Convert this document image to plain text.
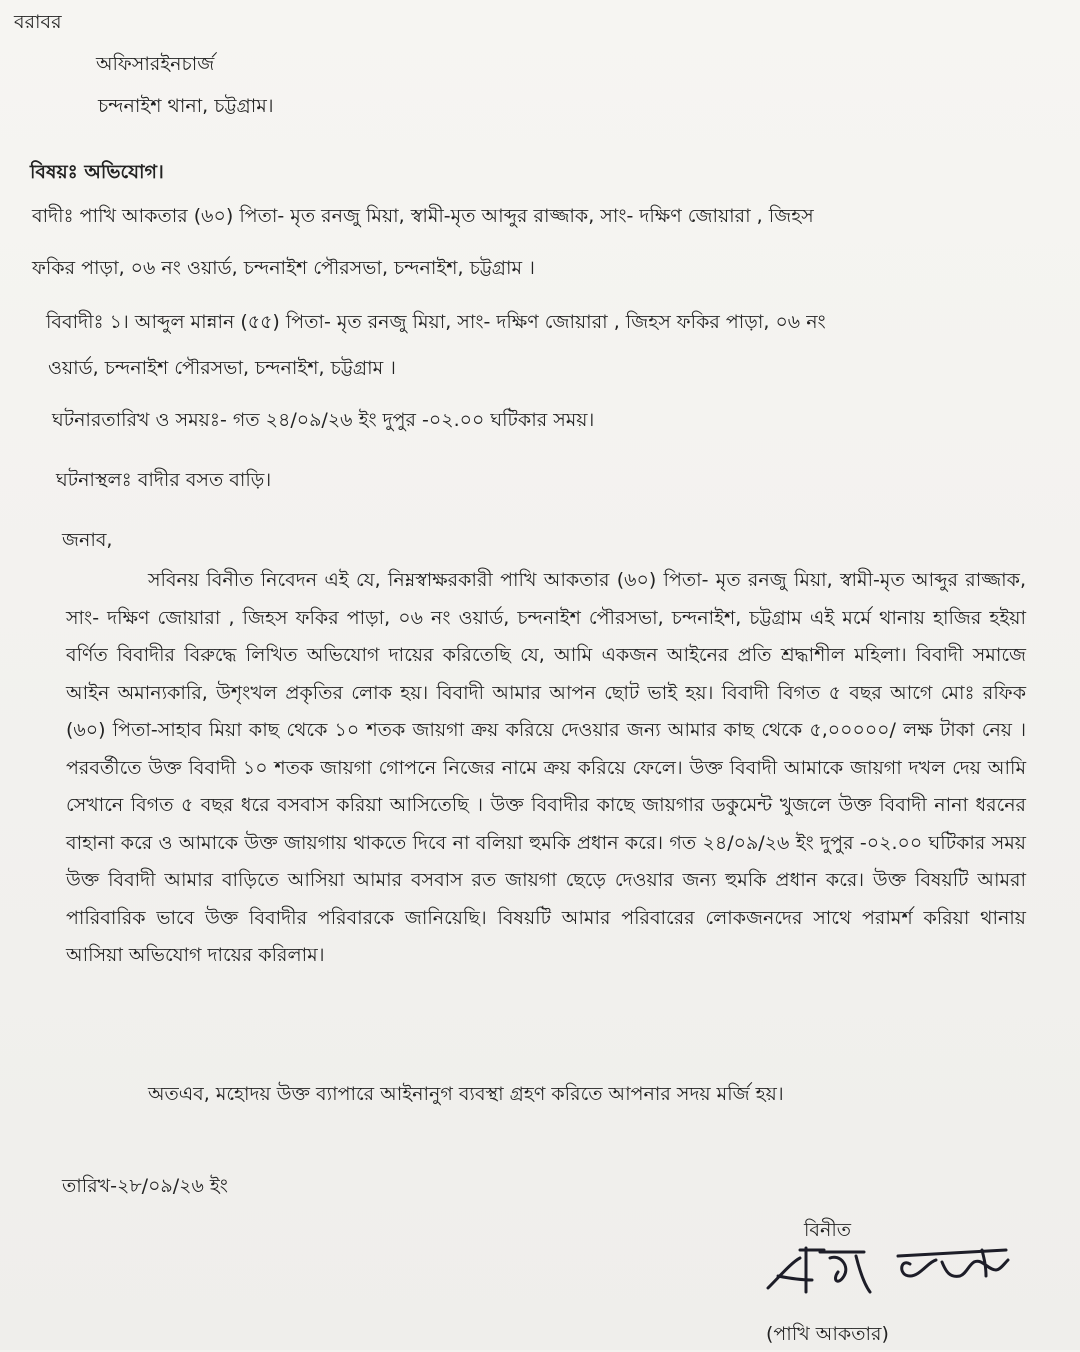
বরাবর
অফিসারইনচার্জ
চন্দনাইশ থানা, চট্টগ্রাম।
বিষয়ঃ অভিযোগ।
বাদীঃ পাখি আকতার (৬০) পিতা- মৃত রনজু মিয়া, স্বামী-মৃত আব্দুর রাজ্জাক, সাং- দক্ষিণ জোয়ারা , জিহস
ফকির পাড়া, ০৬ নং ওয়ার্ড, চন্দনাইশ পৌরসভা, চন্দনাইশ, চট্টগ্রাম ।
বিবাদীঃ ১। আব্দুল মান্নান (৫৫) পিতা- মৃত রনজু মিয়া, সাং- দক্ষিণ জোয়ারা , জিহস ফকির পাড়া, ০৬ নং
ওয়ার্ড, চন্দনাইশ পৌরসভা, চন্দনাইশ, চট্টগ্রাম ।
ঘটনারতারিখ ও সময়ঃ- গত ২৪/০৯/২৬ ইং দুপুর -০২.০০ ঘটিকার সময়।
ঘটনাস্থলঃ বাদীর বসত বাড়ি।
জনাব,
সবিনয় বিনীত নিবেদন এই যে, নিম্নস্বাক্ষরকারী পাখি আকতার (৬০) পিতা- মৃত রনজু মিয়া, স্বামী-মৃত আব্দুর রাজ্জাক, সাং- দক্ষিণ জোয়ারা , জিহস ফকির পাড়া, ০৬ নং ওয়ার্ড, চন্দনাইশ পৌরসভা, চন্দনাইশ, চট্টগ্রাম এই মর্মে থানায় হাজির হইয়া বর্ণিত বিবাদীর বিরুদ্ধে লিখিত অভিযোগ দায়ের করিতেছি যে, আমি একজন আইনের প্রতি শ্রদ্ধাশীল মহিলা। বিবাদী সমাজে আইন অমান্যকারি, উশৃংখল প্রকৃতির লোক হয়। বিবাদী আমার আপন ছোট ভাই হয়। বিবাদী বিগত ৫ বছর আগে মোঃ রফিক (৬০) পিতা-সাহাব মিয়া কাছ থেকে ১০ শতক জায়গা ক্রয় করিয়ে দেওয়ার জন্য আমার কাছ থেকে ৫,০০০০০/ লক্ষ টাকা নেয় । পরবর্তীতে উক্ত বিবাদী ১০ শতক জায়গা গোপনে নিজের নামে ক্রয় করিয়ে ফেলে। উক্ত বিবাদী আমাকে জায়গা দখল দেয় আমি সেখানে বিগত ৫ বছর ধরে বসবাস করিয়া আসিতেছি । উক্ত বিবাদীর কাছে জায়গার ডকুমেন্ট খুজলে উক্ত বিবাদী নানা ধরনের বাহানা করে ও আমাকে উক্ত জায়গায় থাকতে দিবে না বলিয়া হুমকি প্রধান করে। গত ২৪/০৯/২৬ ইং দুপুর -০২.০০ ঘটিকার সময় উক্ত বিবাদী আমার বাড়িতে আসিয়া আমার বসবাস রত জায়গা ছেড়ে দেওয়ার জন্য হুমকি প্রধান করে। উক্ত বিষয়টি আমরা পারিবারিক ভাবে উক্ত বিবাদীর পরিবারকে জানিয়েছি। বিষয়টি আমার পরিবারের লোকজনদের সাথে পরামর্শ করিয়া থানায় আসিয়া অভিযোগ দায়ের করিলাম।
অতএব, মহোদয় উক্ত ব্যাপারে আইনানুগ ব্যবস্থা গ্রহণ করিতে আপনার সদয় মর্জি হয়।
তারিখ-২৮/০৯/২৬ ইং
বিনীত
(পাখি আকতার)
